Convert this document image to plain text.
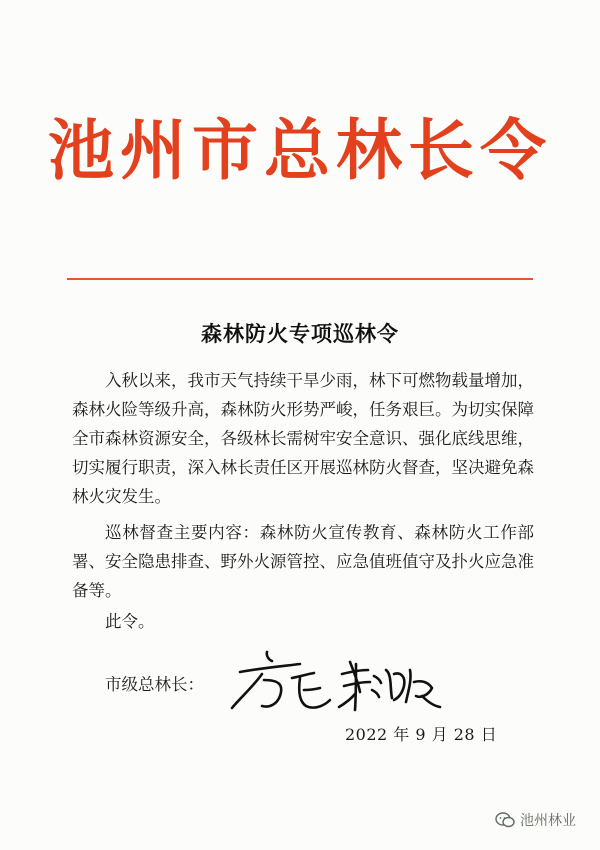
池州市总林长令
森林防火专项巡林令

入秋以来，我市天气持续干旱少雨，林下可燃物载量增加，森林火险等级升高，森林防火形势严峻，任务艰巨。为切实保障全市森林资源安全，各级林长需树牢安全意识、强化底线思维，切实履行职责，深入林长责任区开展巡林防火督查，坚决避免森林火灾发生。

巡林督查主要内容：森林防火宣传教育、森林防火工作部署、安全隐患排查、野外火源管控、应急值班值守及扑火应急准备等。

此令。
市级总林长：
2022 年 9 月 28 日
池州林业
